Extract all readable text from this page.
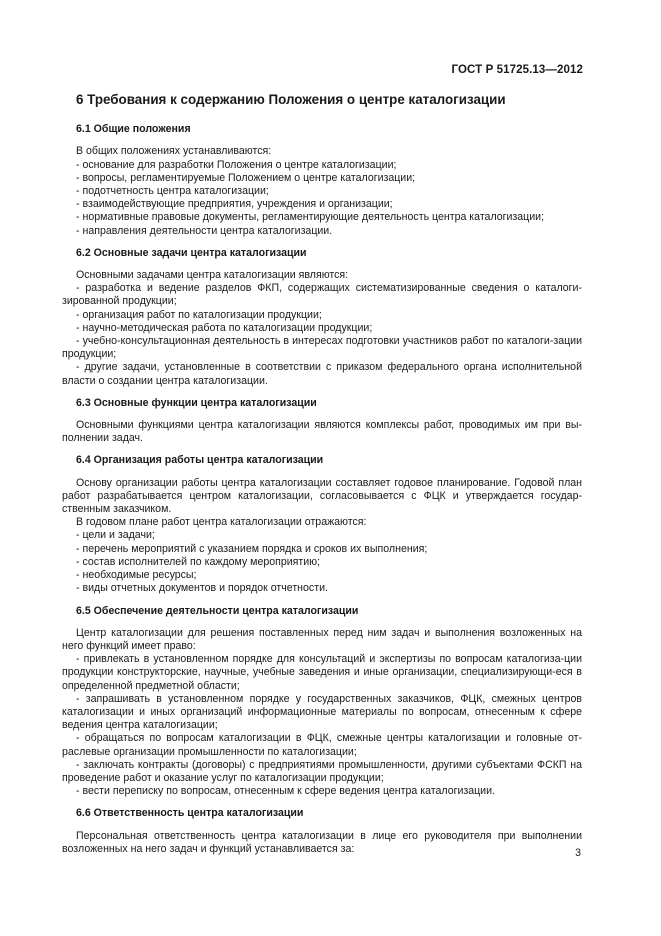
ГОСТ Р 51725.13—2012
6 Требования к содержанию Положения о центре каталогизации
6.1 Общие положения

В общих положениях устанавливаются:

- основание для разработки Положения о центре каталогизации;

- вопросы, регламентируемые Положением о центре каталогизации;

- подотчетность центра каталогизации;

- взаимодействующие предприятия, учреждения и организации;

- нормативные правовые документы, регламентирующие деятельность центра каталогизации;

- направления деятельности центра каталогизации.

6.2 Основные задачи центра каталогизации

Основными задачами центра каталогизации являются:

- разработка и ведение разделов ФКП, содержащих систематизированные сведения о каталоги-зированной продукции;

- организация работ по каталогизации продукции;

- научно-методическая работа по каталогизации продукции;

- учебно-консультационная деятельность в интересах подготовки участников работ по каталоги-зации продукции;

- другие задачи, установленные в соответствии с приказом федерального органа исполнительной власти о создании центра каталогизации.

6.3 Основные функции центра каталогизации

Основными функциями центра каталогизации являются комплексы работ, проводимых им при вы-полнении задач.

6.4 Организация работы центра каталогизации

Основу организации работы центра каталогизации составляет годовое планирование. Годовой план работ разрабатывается центром каталогизации, согласовывается с ФЦК и утверждается государ-ственным заказчиком.

В годовом плане работ центра каталогизации отражаются:

- цели и задачи;

- перечень мероприятий с указанием порядка и сроков их выполнения;

- состав исполнителей по каждому мероприятию;

- необходимые ресурсы;

- виды отчетных документов и порядок отчетности.

6.5 Обеспечение деятельности центра каталогизации

Центр каталогизации для решения поставленных перед ним задач и выполнения возложенных на него функций имеет право:

- привлекать в установленном порядке для консультаций и экспертизы по вопросам каталогиза-ции продукции конструкторские, научные, учебные заведения и иные организации, специализирующи-еся в определенной предметной области;

- запрашивать в установленном порядке у государственных заказчиков, ФЦК, смежных центров каталогизации и иных организаций информационные материалы по вопросам, отнесенным к сфере ведения центра каталогизации;

- обращаться по вопросам каталогизации в ФЦК, смежные центры каталогизации и головные от-раслевые организации промышленности по каталогизации;

- заключать контракты (договоры) с предприятиями промышленности, другими субъектами ФСКП на проведение работ и оказание услуг по каталогизации продукции;

- вести переписку по вопросам, отнесенным к сфере ведения центра каталогизации.

6.6 Ответственность центра каталогизации

Персональная ответственность центра каталогизации в лице его руководителя при выполнении возложенных на него задач и функций устанавливается за:	3
